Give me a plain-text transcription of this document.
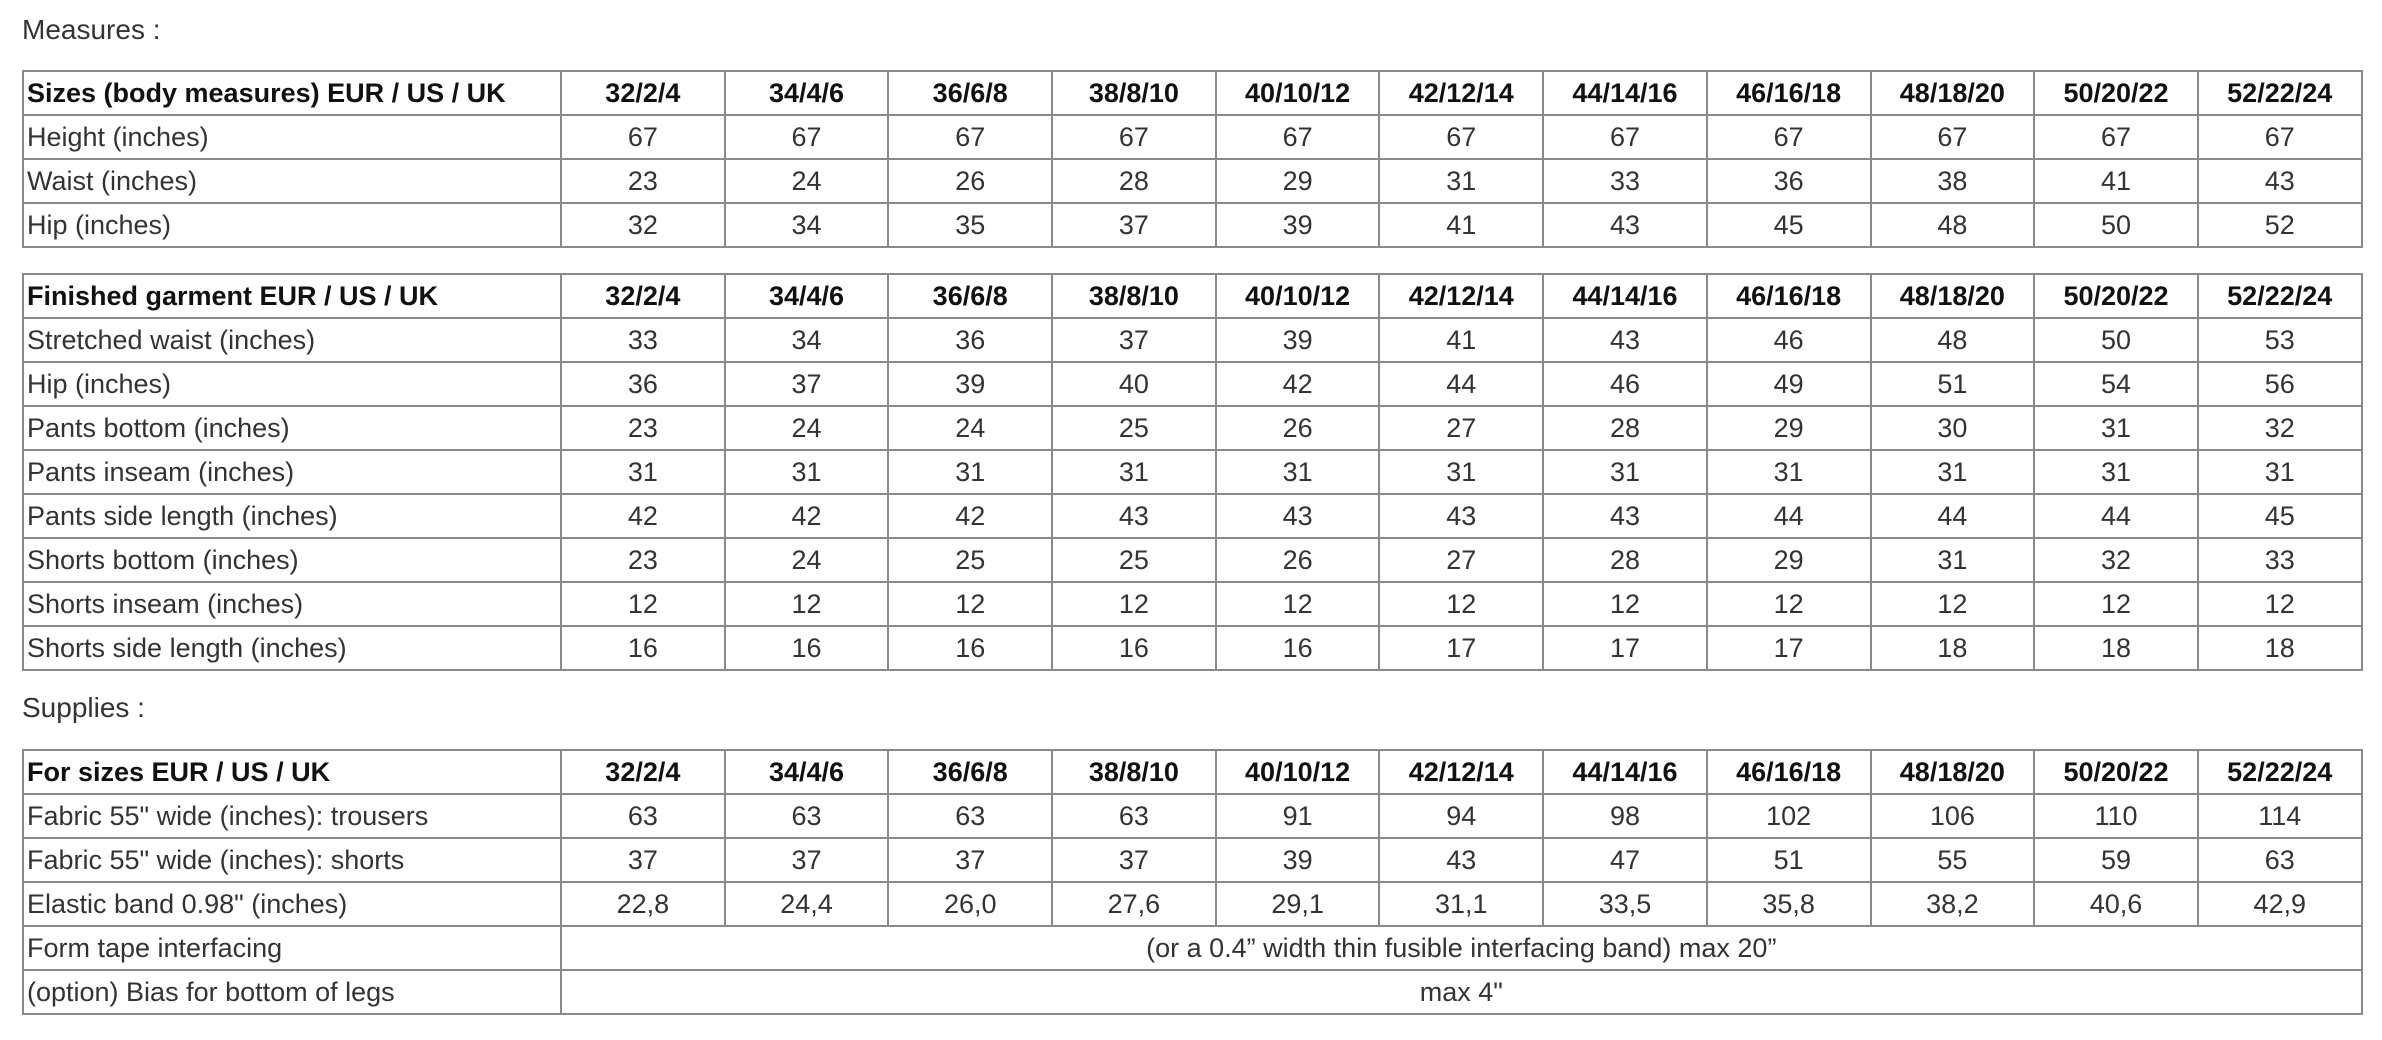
Measures :
Sizes (body measures) EUR / US / UK	32/2/4	34/4/6	36/6/8	38/8/10	40/10/12	42/12/14	44/14/16	46/16/18	48/18/20	50/20/22	52/22/24
Height (inches)	67	67	67	67	67	67	67	67	67	67	67
Waist (inches)	23	24	26	28	29	31	33	36	38	41	43
Hip (inches)	32	34	35	37	39	41	43	45	48	50	52
Finished garment EUR / US / UK	32/2/4	34/4/6	36/6/8	38/8/10	40/10/12	42/12/14	44/14/16	46/16/18	48/18/20	50/20/22	52/22/24
Stretched waist (inches)	33	34	36	37	39	41	43	46	48	50	53
Hip (inches)	36	37	39	40	42	44	46	49	51	54	56
Pants bottom (inches)	23	24	24	25	26	27	28	29	30	31	32
Pants inseam (inches)	31	31	31	31	31	31	31	31	31	31	31
Pants side length (inches)	42	42	42	43	43	43	43	44	44	44	45
Shorts bottom (inches)	23	24	25	25	26	27	28	29	31	32	33
Shorts inseam (inches)	12	12	12	12	12	12	12	12	12	12	12
Shorts side length (inches)	16	16	16	16	16	17	17	17	18	18	18
Supplies :
For sizes EUR / US / UK	32/2/4	34/4/6	36/6/8	38/8/10	40/10/12	42/12/14	44/14/16	46/16/18	48/18/20	50/20/22	52/22/24
Fabric 55" wide (inches): trousers	63	63	63	63	91	94	98	102	106	110	114
Fabric 55" wide (inches): shorts	37	37	37	37	39	43	47	51	55	59	63
Elastic band 0.98" (inches)	22,8	24,4	26,0	27,6	29,1	31,1	33,5	35,8	38,2	40,6	42,9
Form tape interfacing	(or a 0.4” width thin fusible interfacing band) max 20”										
(option) Bias for bottom of legs	max 4"										
